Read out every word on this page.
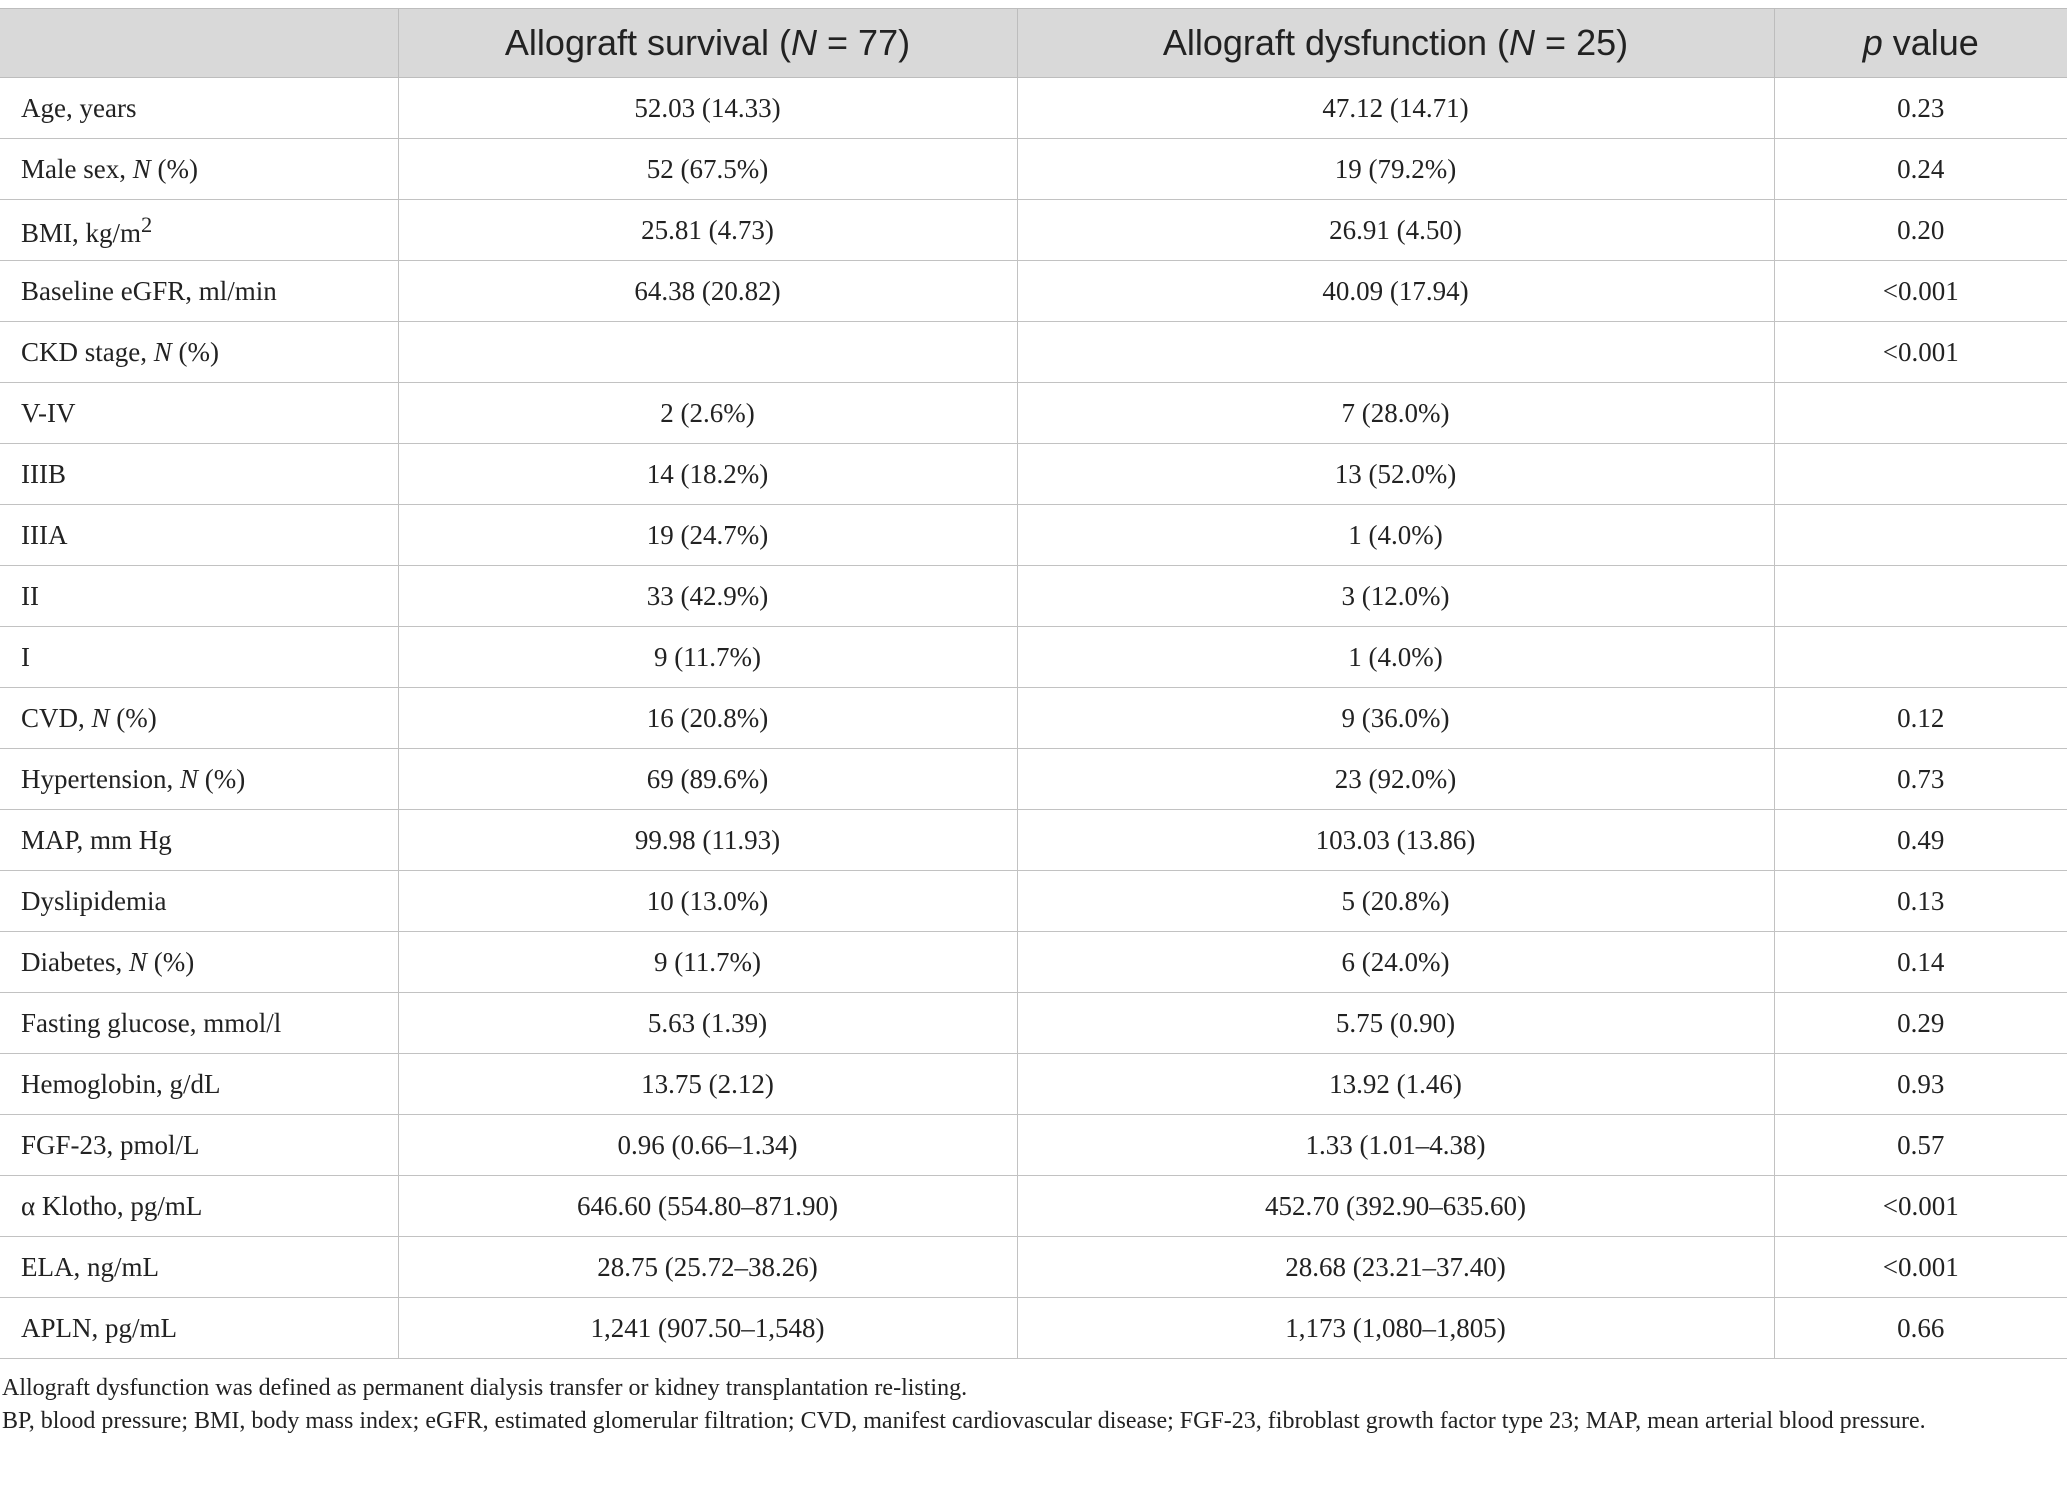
	Allograft survival (N = 77)	Allograft dysfunction (N = 25)	p value
Age, years	52.03 (14.33)	47.12 (14.71)	0.23
Male sex, N (%)	52 (67.5%)	19 (79.2%)	0.24
BMI, $kg/m^2$	25.81 (4.73)	26.91 (4.50)	0.20
Baseline eGFR, ml/min	64.38 (20.82)	40.09 (17.94)	<0.001
CKD stage, N (%)			<0.001
V-IV	2 (2.6%)	7 (28.0%)	
IIIB	14 (18.2%)	13 (52.0%)	
IIIA	19 (24.7%)	1 (4.0%)	
II	33 (42.9%)	3 (12.0%)	
I	9 (11.7%)	1 (4.0%)	
CVD, N (%)	16 (20.8%)	9 (36.0%)	0.12
Hypertension, N (%)	69 (89.6%)	23 (92.0%)	0.73
MAP, mm Hg	99.98 (11.93)	103.03 (13.86)	0.49
Dyslipidemia	10 (13.0%)	5 (20.8%)	0.13
Diabetes, N (%)	9 (11.7%)	6 (24.0%)	0.14
Fasting glucose, mmol/l	5.63 (1.39)	5.75 (0.90)	0.29
Hemoglobin, g/dL	13.75 (2.12)	13.92 (1.46)	0.93
FGF-23, pmol/L	0.96 (0.66–1.34)	1.33 (1.01–4.38)	0.57
α Klotho, pg/mL	646.60 (554.80–871.90)	452.70 (392.90–635.60)	<0.001
ELA, ng/mL	28.75 (25.72–38.26)	28.68 (23.21–37.40)	<0.001
APLN, pg/mL	1,241 (907.50–1,548)	1,173 (1,080–1,805)	0.66

Allograft dysfunction was defined as permanent dialysis transfer or kidney transplantation re-listing.

BP, blood pressure; BMI, body mass index; eGFR, estimated glomerular filtration; CVD, manifest cardiovascular disease; FGF-23, fibroblast growth factor type 23; MAP, mean arterial blood pressure.
